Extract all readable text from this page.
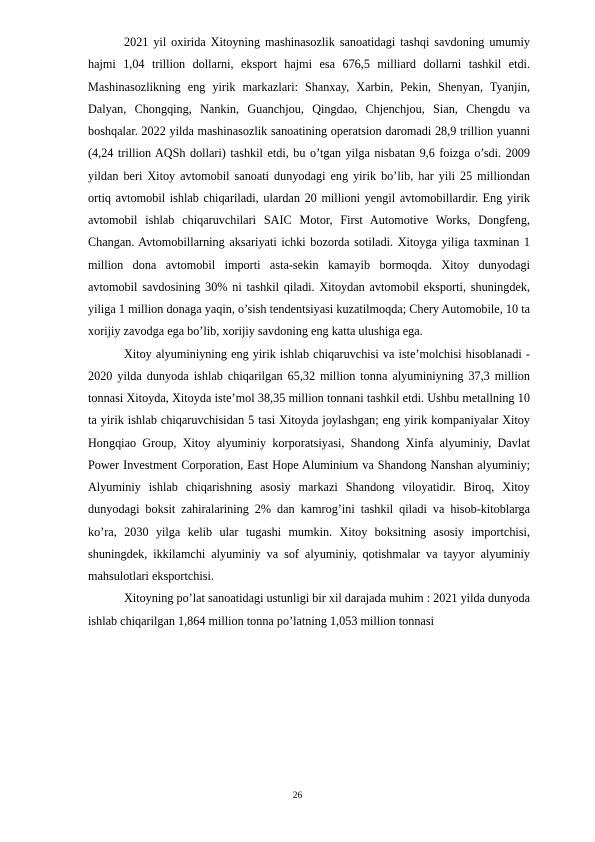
2021 yil oxirida Xitoyning mashinasozlik sanoatidagi tashqi savdoning umumiy hajmi 1,04 trillion dollarni, eksport hajmi esa 676,5 milliard dollarni tashkil etdi. Mashinasozlikning eng yirik markazlari: Shanxay, Xarbin, Pekin, Shenyan, Tyanjin, Dalyan, Chongqing, Nankin, Guanchjou, Qingdao, Chjenchjou, Sian, Chengdu va boshqalar. 2022 yilda mashinasozlik sanoatining operatsion daromadi 28,9 trillion yuanni (4,24 trillion AQSh dollari) tashkil etdi, bu o’tgan yilga nisbatan 9,6 foizga o’sdi. 2009 yildan beri Xitoy avtomobil sanoati dunyodagi eng yirik bo’lib, har yili 25 milliondan ortiq avtomobil ishlab chiqariladi, ulardan 20 millioni yengil avtomobillardir. Eng yirik avtomobil ishlab chiqaruvchilari SAIC Motor, First Automotive Works, Dongfeng, Changan. Avtomobillarning aksariyati ichki bozorda sotiladi. Xitoyga yiliga taxminan 1 million dona avtomobil importi asta-sekin kamayib bormoqda. Xitoy dunyodagi avtomobil savdosining 30% ni tashkil qiladi. Xitoydan avtomobil eksporti, shuningdek, yiliga 1 million donaga yaqin, o’sish tendentsiyasi kuzatilmoqda; Chery Automobile, 10 ta xorijiy zavodga ega bo’lib, xorijiy savdoning eng katta ulushiga ega.

Xitoy alyuminiyning eng yirik ishlab chiqaruvchisi va iste’molchisi hisoblanadi - 2020 yilda dunyoda ishlab chiqarilgan 65,32 million tonna alyuminiyning 37,3 million tonnasi Xitoyda, Xitoyda iste’mol 38,35 million tonnani tashkil etdi. Ushbu metallning 10 ta yirik ishlab chiqaruvchisidan 5 tasi Xitoyda joylashgan; eng yirik kompaniyalar Xitoy Hongqiao Group, Xitoy alyuminiy korporatsiyasi, Shandong Xinfa alyuminiy, Davlat Power Investment Corporation, East Hope Aluminium va Shandong Nanshan alyuminiy; Alyuminiy ishlab chiqarishning asosiy markazi Shandong viloyatidir. Biroq, Xitoy dunyodagi boksit zahiralarining 2% dan kamrog’ini tashkil qiladi va hisob-kitoblarga ko’ra, 2030 yilga kelib ular tugashi mumkin. Xitoy boksitning asosiy importchisi, shuningdek, ikkilamchi alyuminiy va sof alyuminiy, qotishmalar va tayyor alyuminiy mahsulotlari eksportchisi.

Xitoyning po’lat sanoatidagi ustunligi bir xil darajada muhim : 2021 yilda dunyoda ishlab chiqarilgan 1,864 million tonna po’latning 1,053 million tonnasi

26
